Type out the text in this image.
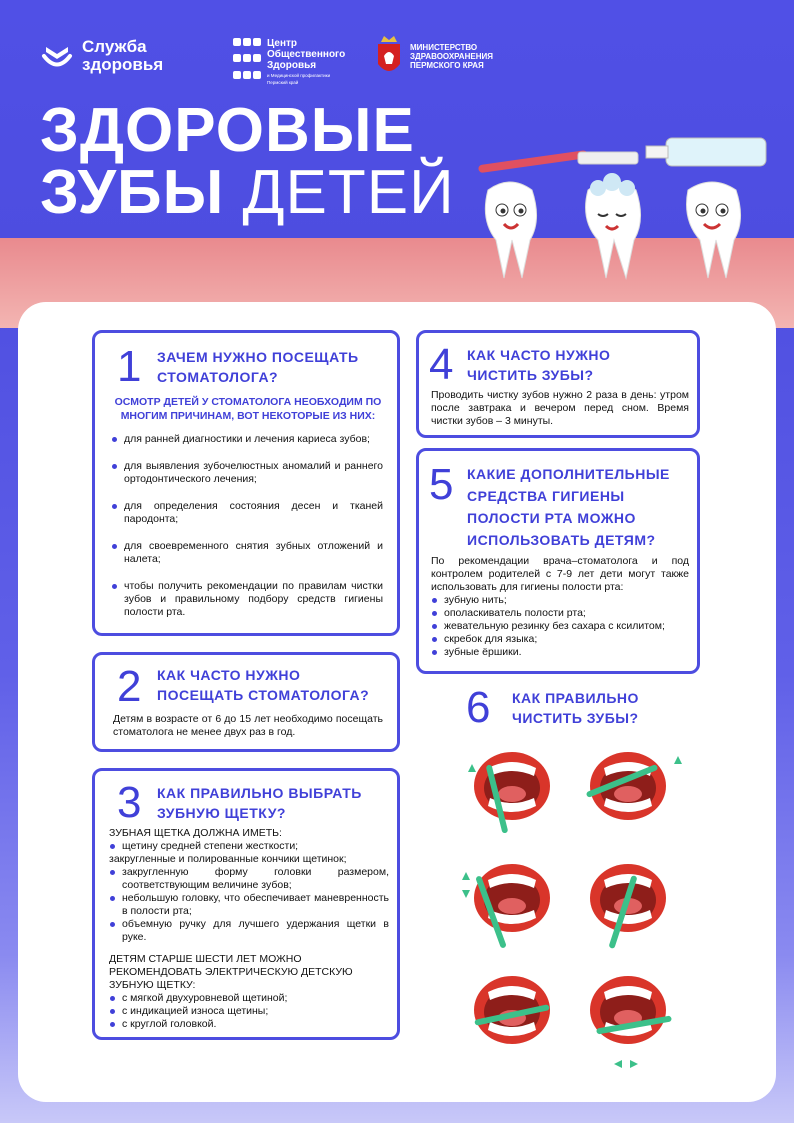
Служба
здоровья
Центр
Общественного
Здоровья
и Медицинской профилактики
Пермский край
МИНИСТЕРСТВО
ЗДРАВООХРАНЕНИЯ
ПЕРМСКОГО КРАЯ
ЗДОРОВЫЕ
ЗУБЫ ДЕТЕЙ
1 ЗАЧЕМ НУЖНО ПОСЕЩАТЬ
СТОМАТОЛОГА?
ОСМОТР ДЕТЕЙ У СТОМАТОЛОГА НЕОБХОДИМ ПО
МНОГИМ ПРИЧИНАМ, ВОТ НЕКОТОРЫЕ ИЗ НИХ:
для ранней диагностики и лечения кариеса зубов;
для выявления зубочелюстных аномалий и раннего ортодонтического лечения;
для определения состояния десен и тканей пародонта;
для своевременного снятия зубных отложений и налета;
чтобы получить рекомендации по правилам чистки зубов и правильному подбору средств гигиены полости рта.
2 КАК ЧАСТО НУЖНО
ПОСЕЩАТЬ СТОМАТОЛОГА?
Детям в возрасте от 6 до 15 лет необходимо посещать стоматолога не менее двух раз в год.
3 КАК ПРАВИЛЬНО ВЫБРАТЬ
ЗУБНУЮ ЩЕТКУ?
ЗУБНАЯ ЩЕТКА ДОЛЖНА ИМЕТЬ:
щетину средней степени жесткости;
закругленные и полированные кончики щетинок;
закругленную форму головки размером, соответствующим величине зубов;
небольшую головку, что обеспечивает маневренность в полости рта;
объемную ручку для лучшего удержания щетки в руке.
ДЕТЯМ СТАРШЕ ШЕСТИ ЛЕТ МОЖНО РЕКОМЕНДОВАТЬ ЭЛЕКТРИЧЕСКУЮ ДЕТСКУЮ ЗУБНУЮ ЩЕТКУ:
с мягкой двухуровневой щетиной;
с индикацией износа щетины;
с круглой головкой.
4 КАК ЧАСТО НУЖНО
ЧИСТИТЬ ЗУБЫ?
Проводить чистку зубов нужно 2 раза в день: утром после завтрака и вечером перед сном. Время чистки зубов – 3 минуты.
5 КАКИЕ ДОПОЛНИТЕЛЬНЫЕ
СРЕДСТВА ГИГИЕНЫ
ПОЛОСТИ РТА МОЖНО
ИСПОЛЬЗОВАТЬ ДЕТЯМ?
По рекомендации врача–стоматолога и под контролем родителей с 7-9 лет дети могут также использовать для гигиены полости рта:
зубную нить;
ополаскиватель полости рта;
жевательную резинку без сахара с ксилитом;
скребок для языка;
зубные ёршики.
6 КАК ПРАВИЛЬНО
ЧИСТИТЬ ЗУБЫ?
